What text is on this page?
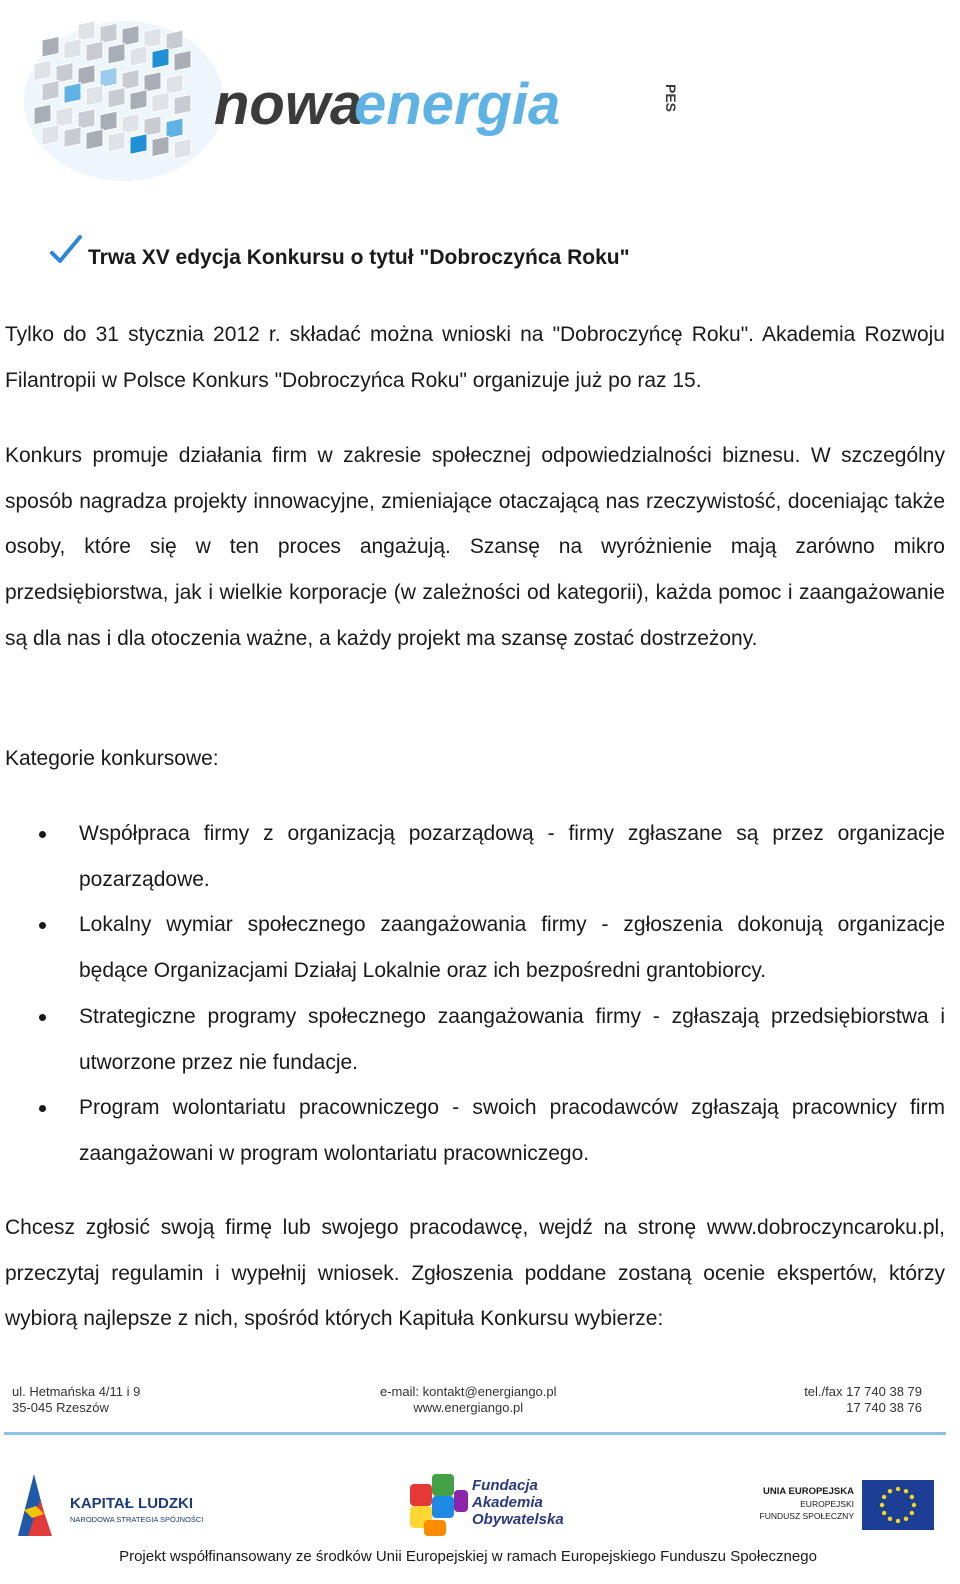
nowa
energia	PES
Trwa XV edycja Konkursu o tytuł "Dobroczyńca Roku"

Tylko do 31 stycznia 2012 r. składać można wnioski na "Dobroczyńcę Roku". Akademia Rozwoju Filantropii w Polsce Konkurs "Dobroczyńca Roku" organizuje już po raz 15.

Konkurs promuje działania firm w zakresie społecznej odpowiedzialności biznesu. W szczególny sposób nagradza projekty innowacyjne, zmieniające otaczającą nas rzeczywistość, doceniając także osoby, które się w ten proces angażują. Szansę na wyróżnienie mają zarówno mikro przedsiębiorstwa, jak i wielkie korporacje (w zależności od kategorii), każda pomoc i zaangażowanie są dla nas i dla otoczenia ważne, a każdy projekt ma szansę zostać dostrzeżony.

Kategorie konkursowe:

Współpraca firmy z organizacją pozarządową - firmy zgłaszane są przez organizacje pozarządowe.
Lokalny wymiar społecznego zaangażowania firmy - zgłoszenia dokonują organizacje będące Organizacjami Działaj Lokalnie oraz ich bezpośredni grantobiorcy.
Strategiczne programy społecznego zaangażowania firmy - zgłaszają przedsiębiorstwa i utworzone przez nie fundacje.
Program wolontariatu pracowniczego - swoich pracodawców zgłaszają pracownicy firm zaangażowani w program wolontariatu pracowniczego.

Chcesz zgłosić swoją firmę lub swojego pracodawcę, wejdź na stronę www.dobroczyncaroku.pl, przeczytaj regulamin i wypełnij wniosek. Zgłoszenia poddane zostaną ocenie ekspertów, którzy wybiorą najlepsze z nich, spośród których Kapituła Konkursu wybierze:

ul. Hetmańska 4/11 i 9
35-045 Rzeszów
e-mail: kontakt@energiango.pl
www.energiango.pl
tel./fax 17 740 38 79
17 740 38 76
KAPITAŁ LUDZKI
NARODOWA STRATEGIA SPÓJNOŚCI
Fundacja
Akademia
Obywatelska
UNIA EUROPEJSKA
EUROPEJSKI
FUNDUSZ SPOŁECZNY
Projekt współfinansowany ze środków Unii Europejskiej w ramach Europejskiego Funduszu Społecznego
